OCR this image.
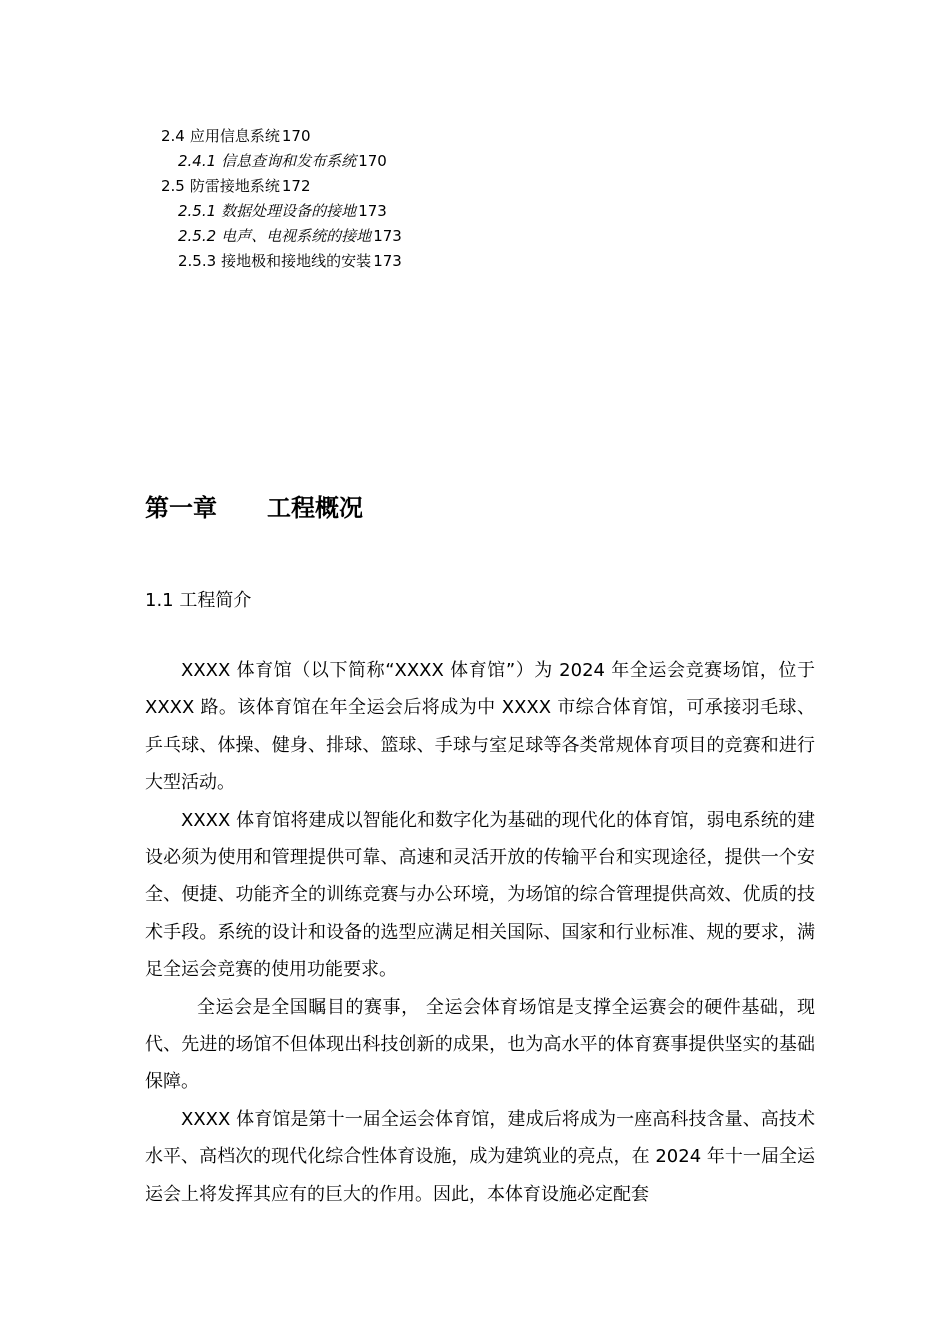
2.4 应用信息系统 170
2.4.1 信息查询和发布系统 170
2.5 防雷接地系统 172
2.5.1 数据处理设备的接地 173
2.5.2 电声、电视系统的接地 173
2.5.3 接地极和接地线的安装 173
第一章 工程概况
1.1 工程简介

XXXX 体育馆（以下简称“XXXX 体育馆”）为 2024 年全运会竞赛场馆，位于 XXXX 路。该体育馆在年全运会后将成为中 XXXX 市综合体育馆，可承接羽毛球、乒乓球、体操、健身、排球、篮球、手球与室足球等各类常规体育项目的竞赛和进行大型活动。

XXXX 体育馆将建成以智能化和数字化为基础的现代化的体育馆，弱电系统的建设必须为使用和管理提供可靠、高速和灵活开放的传输平台和实现途径，提供一个安全、便捷、功能齐全的训练竞赛与办公环境，为场馆的综合管理提供高效、优质的技术手段。系统的设计和设备的选型应满足相关国际、国家和行业标准、规的要求，满足全运会竞赛的使用功能要求。

全运会是全国瞩目的赛事， 全运会体育场馆是支撑全运赛会的硬件基础，现代、先进的场馆不但体现出科技创新的成果，也为高水平的体育赛事提供坚实的基础保障。

XXXX 体育馆是第十一届全运会体育馆，建成后将成为一座高科技含量、高技术水平、高档次的现代化综合性体育设施，成为建筑业的亮点，在 2024 年十一届全运运会上将发挥其应有的巨大的作用。因此，本体育设施必定配套
